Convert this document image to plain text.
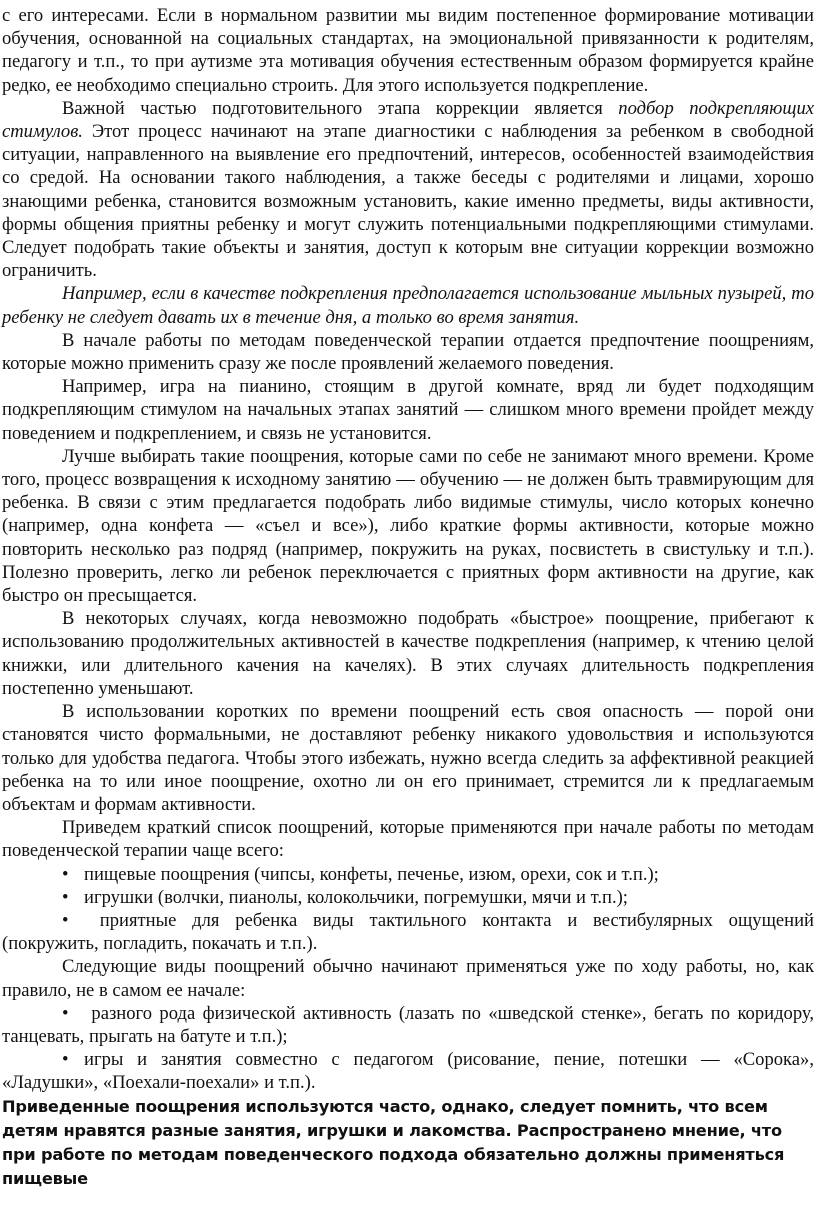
с его интересами. Если в нормальном развитии мы видим постепенное формирование мотивации обучения, основанной на социальных стандартах, на эмоциональной привязанности к родителям, педагогу и т.п., то при аутизме эта мотивация обучения естественным образом формируется крайне редко, ее необходимо специально строить. Для этого используется подкрепление.

Важной частью подготовительного этапа коррекции является подбор подкрепляющих стимулов. Этот процесс начинают на этапе диагностики с наблюдения за ребенком в свободной ситуации, направленного на выявление его предпочтений, интересов, особенностей взаимодействия со средой. На основании такого наблюдения, а также беседы с родителями и лицами, хорошо знающими ребенка, становится возможным установить, какие именно предметы, виды активности, формы общения приятны ребенку и могут служить потенциальными подкрепляющими стимулами. Следует подобрать такие объекты и занятия, доступ к которым вне ситуации коррекции возможно ограничить.

Например, если в качестве подкрепления предполагается использование мыльных пузырей, то ребенку не следует давать их в течение дня, а только во время занятия.

В начале работы по методам поведенческой терапии отдается предпочтение поощрениям, которые можно применить сразу же после проявлений желаемого поведения.

Например, игра на пианино, стоящим в другой комнате, вряд ли будет подходящим подкрепляющим стимулом на начальных этапах занятий — слишком много времени пройдет между поведением и подкреплением, и связь не установится.

Лучше выбирать такие поощрения, которые сами по себе не занимают много времени. Кроме того, процесс возвращения к исходному занятию — обучению — не должен быть травмирующим для ребенка. В связи с этим предлагается подобрать либо видимые стимулы, число которых конечно (например, одна конфета — «съел и все»), либо краткие формы активности, которые можно повторить несколько раз подряд (например, покружить на руках, посвистеть в свистульку и т.п.). Полезно проверить, легко ли ребенок переключается с приятных форм активности на другие, как быстро он пресыщается.

В некоторых случаях, когда невозможно подобрать «быстрое» поощрение, прибегают к использованию продолжительных активностей в качестве подкрепления (например, к чтению целой книжки, или длительного качения на качелях). В этих случаях длительность подкрепления постепенно уменьшают.

В использовании коротких по времени поощрений есть своя опасность — порой они становятся чисто формальными, не доставляют ребенку никакого удовольствия и используются только для удобства педагога. Чтобы этого избежать, нужно всегда следить за аффективной реакцией ребенка на то или иное поощрение, охотно ли он его принимает, стремится ли к предлагаемым объектам и формам активности.

Приведем краткий список поощрений, которые применяются при начале работы по методам поведенческой терапии чаще всего:

• пищевые поощрения (чипсы, конфеты, печенье, изюм, орехи, сок и т.п.);

• игрушки (волчки, пианолы, колокольчики, погремушки, мячи и т.п.);

• приятные для ребенка виды тактильного контакта и вестибулярных ощущений (покружить, погладить, покачать и т.п.).

Следующие виды поощрений обычно начинают применяться уже по ходу работы, но, как правило, не в самом ее начале:

• разного рода физической активность (лазать по «шведской стенке», бегать по коридору, танцевать, прыгать на батуте и т.п.);

• игры и занятия совместно с педагогом (рисование, пение, потешки — «Сорока», «Ладушки», «Поехали-поехали» и т.п.).

Приведенные поощрения используются часто, однако, следует помнить, что всем детям нравятся разные занятия, игрушки и лакомства. Распространено мнение, что при работе по методам поведенческого подхода обязательно должны применяться пищевые
